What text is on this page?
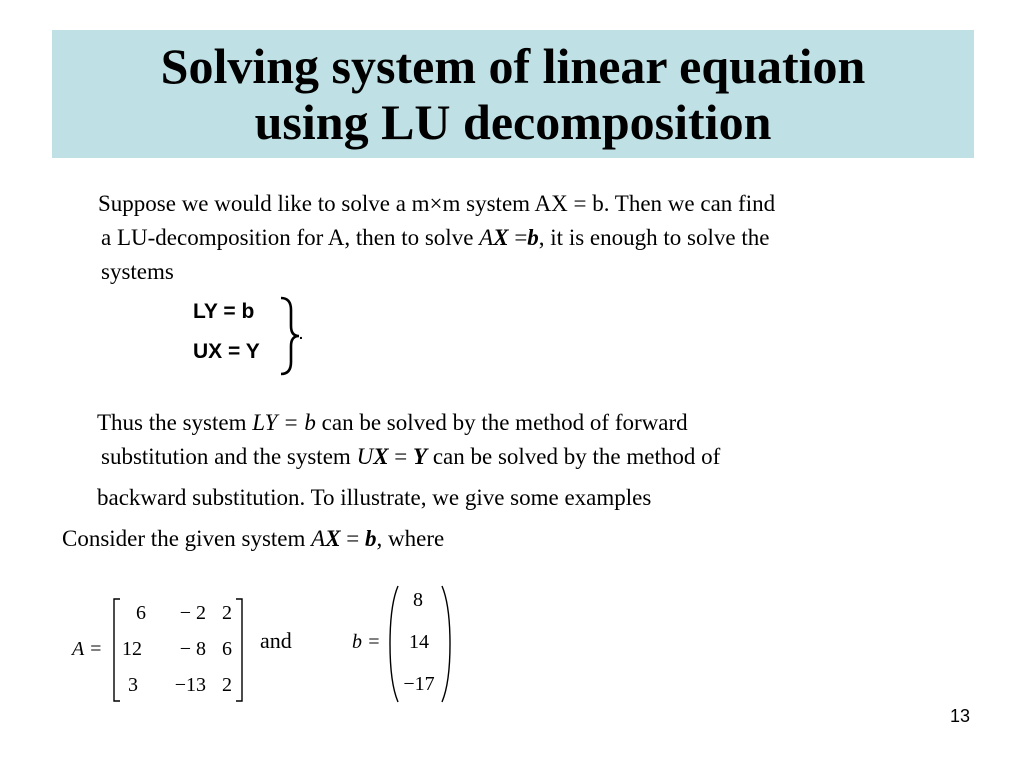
Solving system of linear equation
using LU decomposition
Suppose we would like to solve a m×m system AX = b. Then we can find
a LU-decomposition for A, then to solve AX =b, it is enough to solve the
systems
LY = b
UX = Y
.
Thus the system LY = b can be solved by the method of forward
substitution and the system UX = Y can be solved by the method of
backward substitution. To illustrate, we give some examples
Consider the given system AX = b, where
A =
6	− 2 2
12	− 8 6
3	−13 2
and	b =
8
14
−17
13
